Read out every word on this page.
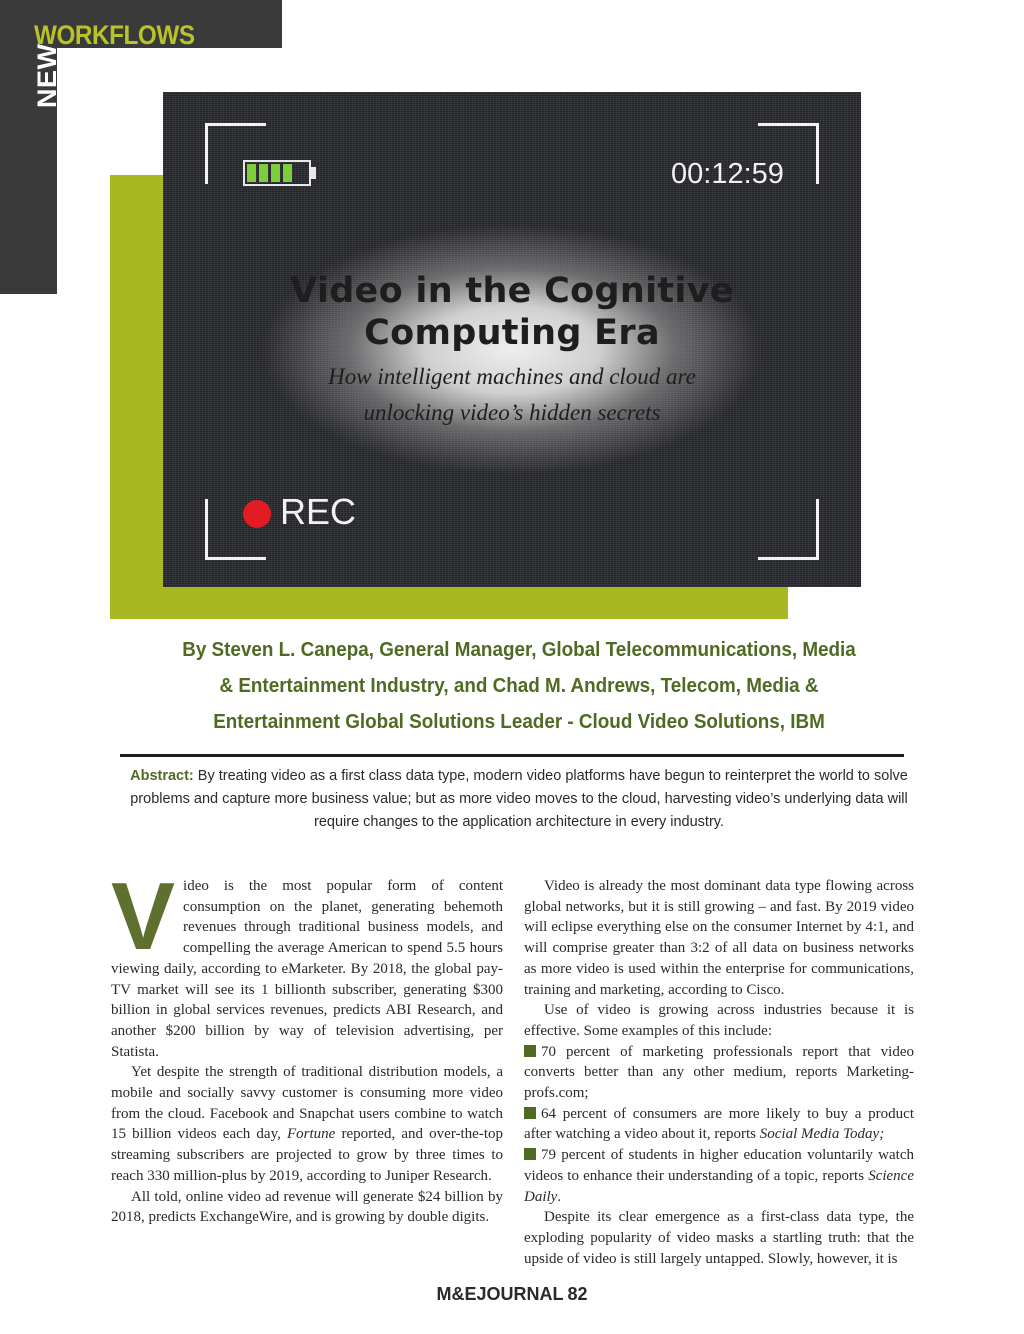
WORKFLOWS
NEW
00:12:59
REC
Video in the Cognitive
Computing Era
How intelligent machines and cloud are
unlocking video’s hidden secrets
By Steven L. Canepa, General Manager, Global Telecommunications, Media
& Entertainment Industry, and Chad M. Andrews, Telecom, Media &
Entertainment Global Solutions Leader - Cloud Video Solutions, IBM
Abstract: By treating video as a first class data type, modern video platforms have begun to reinterpret the world to solve problems and capture more business value; but as more video moves to the cloud, harvesting video’s underlying data will require changes to the application architecture in every industry.

Video is the most popular form of content consumption on the planet, generating behemoth revenues through traditional business models, and compelling the average American to spend 5.5 hours viewing daily, according to eMarketer. By 2018, the global pay-TV market will see its 1 billionth subscriber, generating $300 billion in global services revenues, predicts ABI Research, and another $200 billion by way of television advertising, per Statista.

Yet despite the strength of traditional distribution models, a mobile and socially savvy customer is consuming more video from the cloud. Facebook and Snapchat users combine to watch 15 billion videos each day, Fortune reported, and over-the-top streaming subscribers are projected to grow by three times to reach 330 million-plus by 2019, according to Juniper Research.

All told, online video ad revenue will generate $24 billion by 2018, predicts ExchangeWire, and is growing by double digits.

Video is already the most dominant data type flowing across global networks, but it is still growing – and fast. By 2019 video will eclipse everything else on the consumer Internet by 4:1, and will comprise greater than 3:2 of all data on business networks as more video is used within the enterprise for communications, training and marketing, according to Cisco.

Use of video is growing across industries because it is effective. Some examples of this include:

70 percent of marketing professionals report that video converts better than any other medium, reports Marketing-profs.com;

64 percent of consumers are more likely to buy a product after watching a video about it, reports Social Media Today;

79 percent of students in higher education voluntarily watch videos to enhance their understanding of a topic, reports Science Daily.

Despite its clear emergence as a first-class data type, the exploding popularity of video masks a startling truth: that the upside of video is still largely untapped. Slowly, however, it is

M&EJOURNAL 82
